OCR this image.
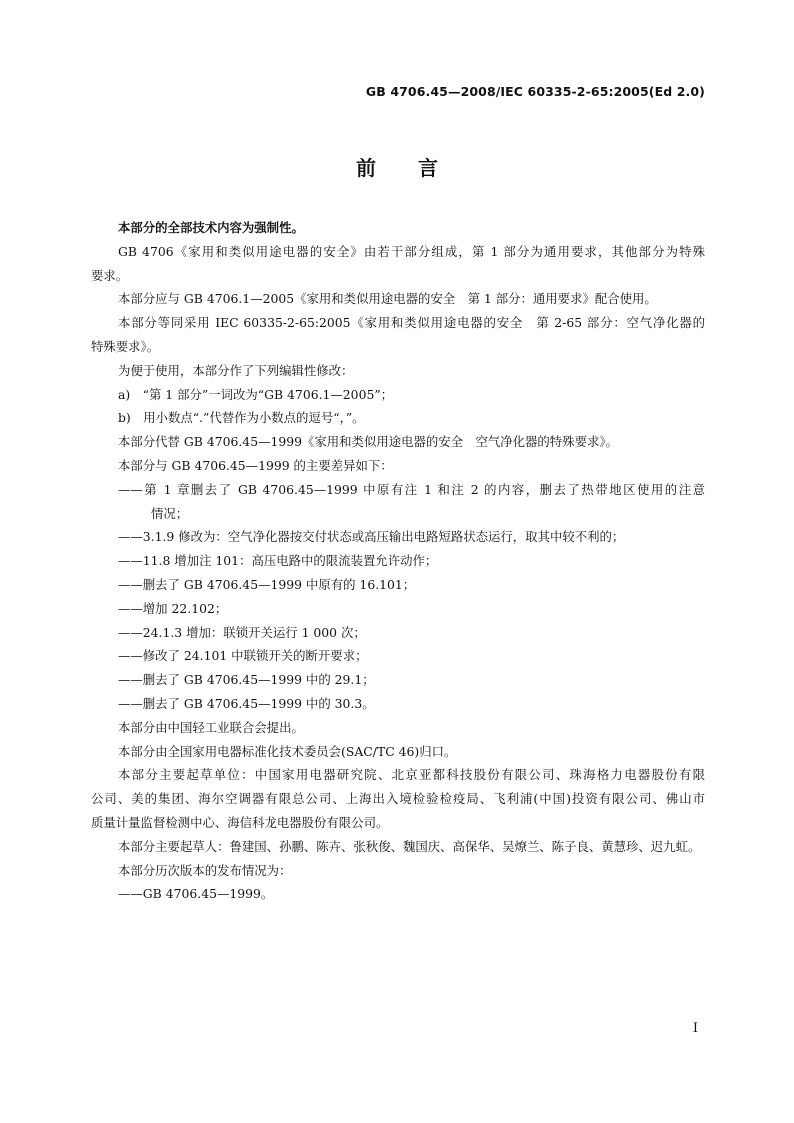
GB 4706.45—2008/IEC 60335-2-65:2005(Ed 2.0)
前言
本部分的全部技术内容为强制性。
GB 4706《家用和类似用途电器的安全》由若干部分组成，第 1 部分为通用要求，其他部分为特殊
要求。
本部分应与 GB 4706.1—2005《家用和类似用途电器的安全　第 1 部分：通用要求》配合使用。
本部分等同采用 IEC 60335-2-65:2005《家用和类似用途电器的安全　第 2-65 部分：空气净化器的
特殊要求》。
为便于使用，本部分作了下列编辑性修改：
a)　“第 1 部分”一词改为“GB 4706.1—2005”；
b)　用小数点“.”代替作为小数点的逗号“，”。
本部分代替 GB 4706.45—1999《家用和类似用途电器的安全　空气净化器的特殊要求》。
本部分与 GB 4706.45—1999 的主要差异如下：
——第 1 章删去了 GB 4706.45—1999 中原有注 1 和注 2 的内容，删去了热带地区使用的注意
情况；
——3.1.9 修改为：空气净化器按交付状态或高压输出电路短路状态运行，取其中较不利的；
——11.8 增加注 101：高压电路中的限流装置允许动作；
——删去了 GB 4706.45—1999 中原有的 16.101；
——增加 22.102；
——24.1.3 增加：联锁开关运行 1 000 次；
——修改了 24.101 中联锁开关的断开要求；
——删去了 GB 4706.45—1999 中的 29.1；
——删去了 GB 4706.45—1999 中的 30.3。
本部分由中国轻工业联合会提出。
本部分由全国家用电器标准化技术委员会(SAC/TC 46)归口。
本部分主要起草单位：中国家用电器研究院、北京亚都科技股份有限公司、珠海格力电器股份有限
公司、美的集团、海尔空调器有限总公司、上海出入境检验检疫局、飞利浦(中国)投资有限公司、佛山市
质量计量监督检测中心、海信科龙电器股份有限公司。
本部分主要起草人：鲁建国、孙鹏、陈卉、张秋俊、魏国庆、高保华、吴燎兰、陈子良、黄慧珍、迟九虹。
本部分历次版本的发布情况为：
——GB 4706.45—1999。
I
